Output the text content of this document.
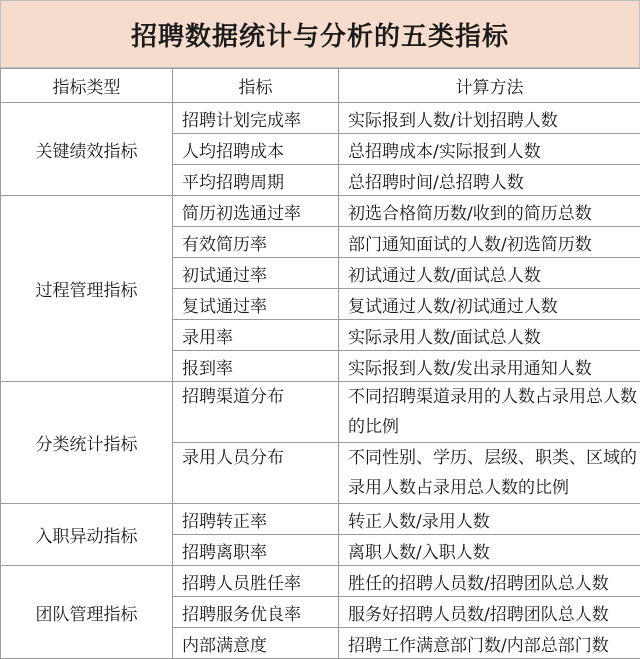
招聘数据统计与分析的五类指标
指标类型	指标	计算方法
关键绩效指标	招聘计划完成率	实际报到人数/计划招聘人数
	人均招聘成本	总招聘成本/实际报到人数
	平均招聘周期	总招聘时间/总招聘人数
过程管理指标	简历初选通过率	初选合格简历数/收到的简历总数
	有效简历率	部门通知面试的人数/初选简历数
	初试通过率	初试通过人数/面试总人数
	复试通过率	复试通过人数/初试通过人数
	录用率	实际录用人数/面试总人数
	报到率	实际报到人数/发出录用通知人数
分类统计指标	招聘渠道分布	不同招聘渠道录用的人数占录用总人数的比例
	录用人员分布	不同性别、学历、层级、职类、区域的录用人数占录用总人数的比例
入职异动指标	招聘转正率	转正人数/录用人数
	招聘离职率	离职人数/入职人数
团队管理指标	招聘人员胜任率	胜任的招聘人员数/招聘团队总人数
	招聘服务优良率	服务好招聘人员数/招聘团队总人数
	内部满意度	招聘工作满意部门数/内部总部门数
